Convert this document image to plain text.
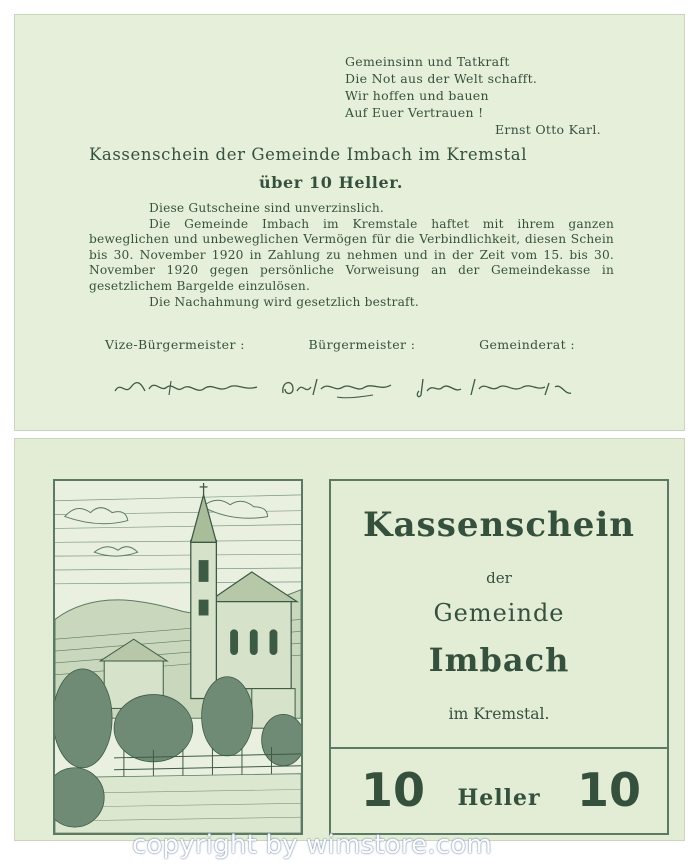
Gemeinsinn und Tatkraft
Die Not aus der Welt schafft.
Wir hoffen und bauen
Auf Euer Vertrauen !
Ernst Otto Karl.
Kassenschein der Gemeinde Imbach im Kremstal
über 10 Heller.

Diese Gutscheine sind unverzinslich.

Die Gemeinde Imbach im Kremstale haftet mit ihrem ganzen beweglichen und unbeweglichen Vermögen für die Verbindlichkeit, diesen Schein bis 30. November 1920 in Zahlung zu nehmen und in der Zeit vom 15. bis 30. November 1920 gegen persönliche Vorweisung an der Gemeindekasse in gesetzlichem Bargelde einzulösen.

Die Nachahmung wird gesetzlich bestraft.

Vize-Bürgermeister :	Bürgermeister :	Gemeinderat :
Kassenschein
der
Gemeinde
Imbach
im Kremstal.
10	Heller 10
copyright by wimstore.com
